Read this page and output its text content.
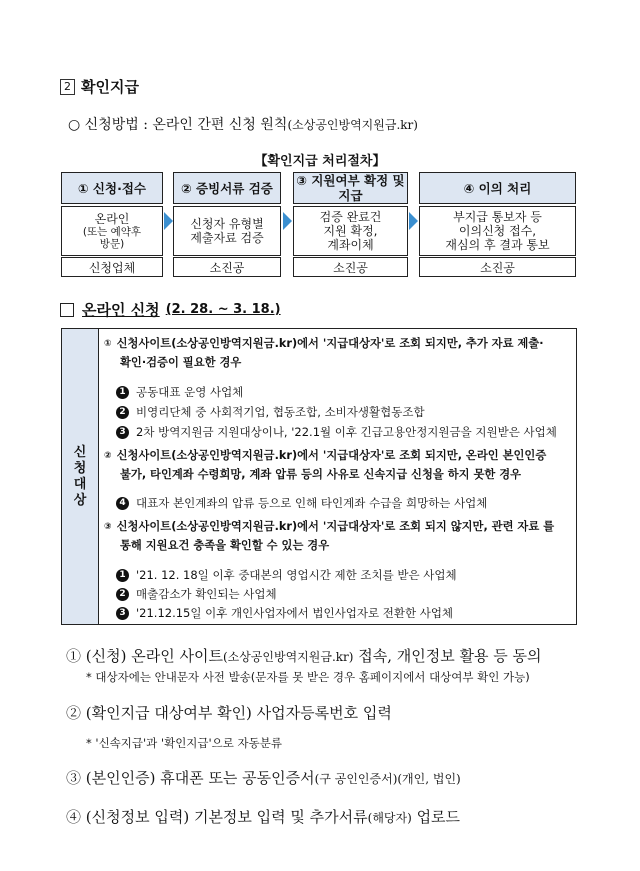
2 확인지급
○ 신청방법 : 온라인 간편 신청 원칙(소상공인방역지원금.kr)
【확인지급 처리절차】
① 신청·접수
온라인
(또는 예약후
방문)
신청업체
② 증빙서류 검증
신청자 유형별
제출자료 검증
소진공
③ 지원여부 확정 및 지급
검증 완료건
지원 확정,
계좌이체
소진공
④ 이의 처리
부지급 통보자 등
이의신청 접수,
재심의 후 결과 통보
소진공
온라인 신청 (2. 28. ~ 3. 18.)
신
청
대
상
① 신청사이트(소상공인방역지원금.kr)에서 '지급대상자'로 조회 되지만, 추가 자료 제출·
확인·검증이 필요한 경우
1 공동대표 운영 사업체
2 비영리단체 중 사회적기업, 협동조합, 소비자생활협동조합
3 2차 방역지원금 지원대상이나, '22.1월 이후 긴급고용안정지원금을 지원받은 사업체
② 신청사이트(소상공인방역지원금.kr)에서 '지급대상자'로 조회 되지만, 온라인 본인인증
불가, 타인계좌 수령희망, 계좌 압류 등의 사유로 신속지급 신청을 하지 못한 경우
4 대표자 본인계좌의 압류 등으로 인해 타인계좌 수급을 희망하는 사업체
③ 신청사이트(소상공인방역지원금.kr)에서 '지급대상자'로 조회 되지 않지만, 관련 자료 를
통해 지원요건 충족을 확인할 수 있는 경우
1 '21. 12. 18일 이후 중대본의 영업시간 제한 조치를 받은 사업체
2 매출감소가 확인되는 사업체
3 '21.12.15일 이후 개인사업자에서 법인사업자로 전환한 사업체
① (신청) 온라인 사이트(소상공인방역지원금.kr) 접속, 개인정보 활용 등 동의
* 대상자에는 안내문자 사전 발송(문자를 못 받은 경우 홈페이지에서 대상여부 확인 가능)
② (확인지급 대상여부 확인) 사업자등록번호 입력
* '신속지급'과 '확인지급'으로 자동분류
③ (본인인증) 휴대폰 또는 공동인증서(구 공인인증서)(개인, 법인)
④ (신청정보 입력) 기본정보 입력 및 추가서류(해당자) 업로드
